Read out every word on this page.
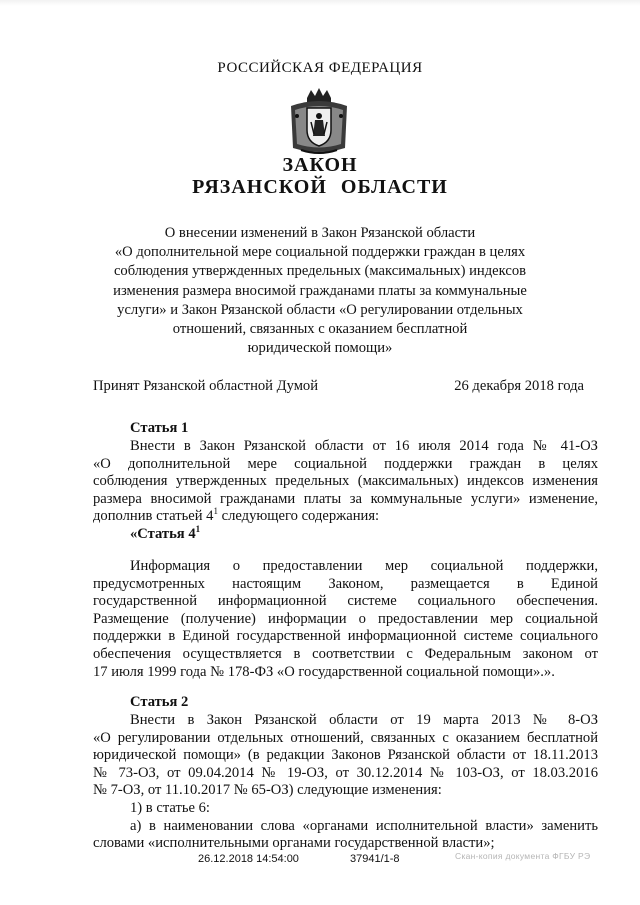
РОССИЙСКАЯ ФЕДЕРАЦИЯ
ЗАКОН
РЯЗАНСКОЙ ОБЛАСТИ
О внесении изменений в Закон Рязанской области
«О дополнительной мере социальной поддержки граждан в целях
соблюдения утвержденных предельных (максимальных) индексов
изменения размера вносимой гражданами платы за коммунальные
услуги» и Закон Рязанской области «О регулировании отдельных
отношений, связанных с оказанием бесплатной
юридической помощи»
Принят Рязанской областной Думой	26 декабря 2018 года
Статья 1
Внести в Закон Рязанской области от 16 июля 2014 года № 41-ОЗ
«О дополнительной мере социальной поддержки граждан в целях
соблюдения утвержденных предельных (максимальных) индексов изменения
размера вносимой гражданами платы за коммунальные услуги» изменение,
дополнив статьей $4^1$ следующего содержания:
«Статья $4^1$
Информация о предоставлении мер социальной поддержки,
предусмотренных настоящим Законом, размещается в Единой
государственной информационной системе социального обеспечения.
Размещение (получение) информации о предоставлении мер социальной
поддержки в Единой государственной информационной системе социального
обеспечения осуществляется в соответствии с Федеральным законом от
17 июля 1999 года № 178-ФЗ «О государственной социальной помощи».».
Статья 2
Внести в Закон Рязанской области от 19 марта 2013 № 8-ОЗ
«О регулировании отдельных отношений, связанных с оказанием бесплатной
юридической помощи» (в редакции Законов Рязанской области от 18.11.2013
№ 73-ОЗ, от 09.04.2014 № 19-ОЗ, от 30.12.2014 № 103-ОЗ, от 18.03.2016
№ 7-ОЗ, от 11.10.2017 № 65-ОЗ) следующие изменения:
1) в статье 6:
а) в наименовании слова «органами исполнительной власти» заменить
словами «исполнительными органами государственной власти»;
26.12.2018 14:54:00	37941/1-8	Скан-копия документа ФГБУ РЭ
